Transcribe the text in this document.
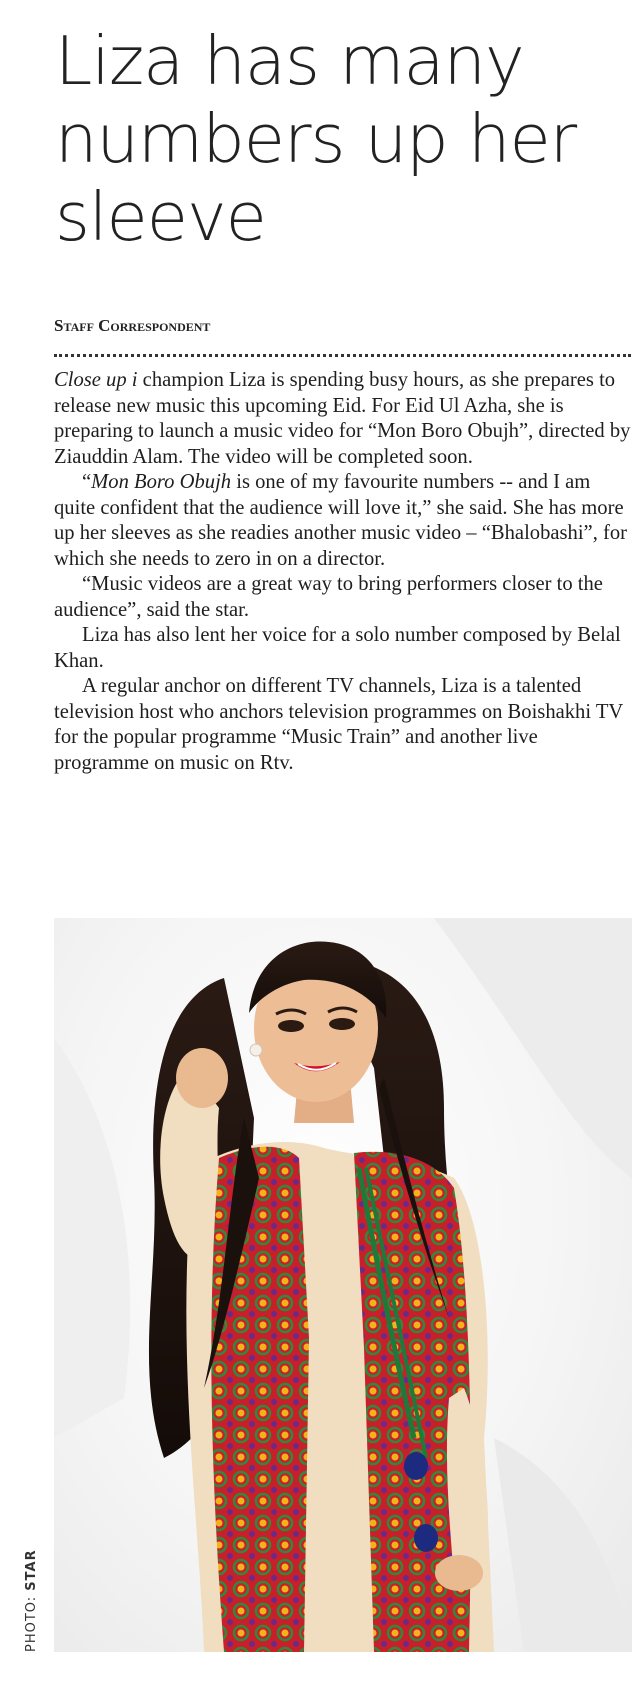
Liza has many numbers up her sleeve
Staff Correspondent

Close up i champion Liza is spending busy hours, as she prepares to release new music this upcoming Eid. For Eid Ul Azha, she is preparing to launch a music video for “Mon Boro Obujh”, directed by Ziauddin Alam. The video will be completed soon.

“Mon Boro Obujh is one of my favourite numbers -- and I am quite confident that the audience will love it,” she said. She has more up her sleeves as she readies another music video – “Bhalobashi”, for which she needs to zero in on a director.

“Music videos are a great way to bring performers closer to the audience”, said the star.

Liza has also lent her voice for a solo number composed by Belal Khan.

A regular anchor on different TV channels, Liza is a talented television host who anchors television programmes on Boishakhi TV for the popular programme “Music Train” and another live programme on music on Rtv.

PHOTO: STAR
